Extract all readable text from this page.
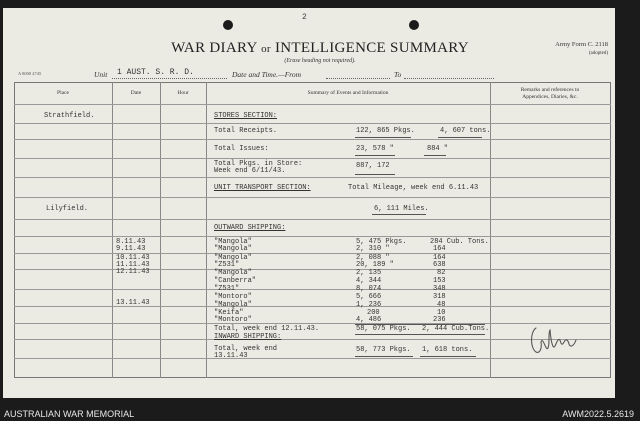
2
WAR DIARY or INTELLIGENCE SUMMARY
(Erase heading not required).
Army Form C. 2118
(adopted)
A 8000 4745	Unit 1 AUST. S. R. D.	Date and Time.—From	To
Place	Date	Hour	Summary of Events and Information	Remarks and references to
Appendices, Diaries, &c.
Strathfield.	STORES SECTION:
Total Receipts.	122, 865 Pkgs.	4, 607 tons.
Total Issues:	23, 578 "	884 "
Total Pkgs. in Store:
Week end 6/11/43.
887, 172
UNIT TRANSPORT SECTION:	Total Mileage, week end 6.11.43
Lilyfield.	6, 111 Miles.
OUTWARD SHIPPING:
8.11.43	"Mangola"	5, 475 Pkgs.	284 Cub. Tons.
9.11.43	"Mangola"	2, 310 "	164
10.11.43	"Mangola"	2, 088 "	164
11.11.43	"Z531"	20, 189 "	638
12.11.43	"Mangola"	2, 135	82
"Canberra"	4, 344	153
"Z531"	8, 074	348
"Montoro"	5, 666	318
13.11.43	"Mangola"	1, 236	48
"Keifa"	200	10
"Montoro"	4, 486	236
Total, week end 12.11.43.	58, 075 Pkgs. 2, 444 Cub.Tons.
INWARD SHIPPING:
Total, week end
13.11.43
58, 773 Pkgs. 1, 618 tons.
AUSTRALIAN WAR MEMORIAL	AWM2022.5.2619
